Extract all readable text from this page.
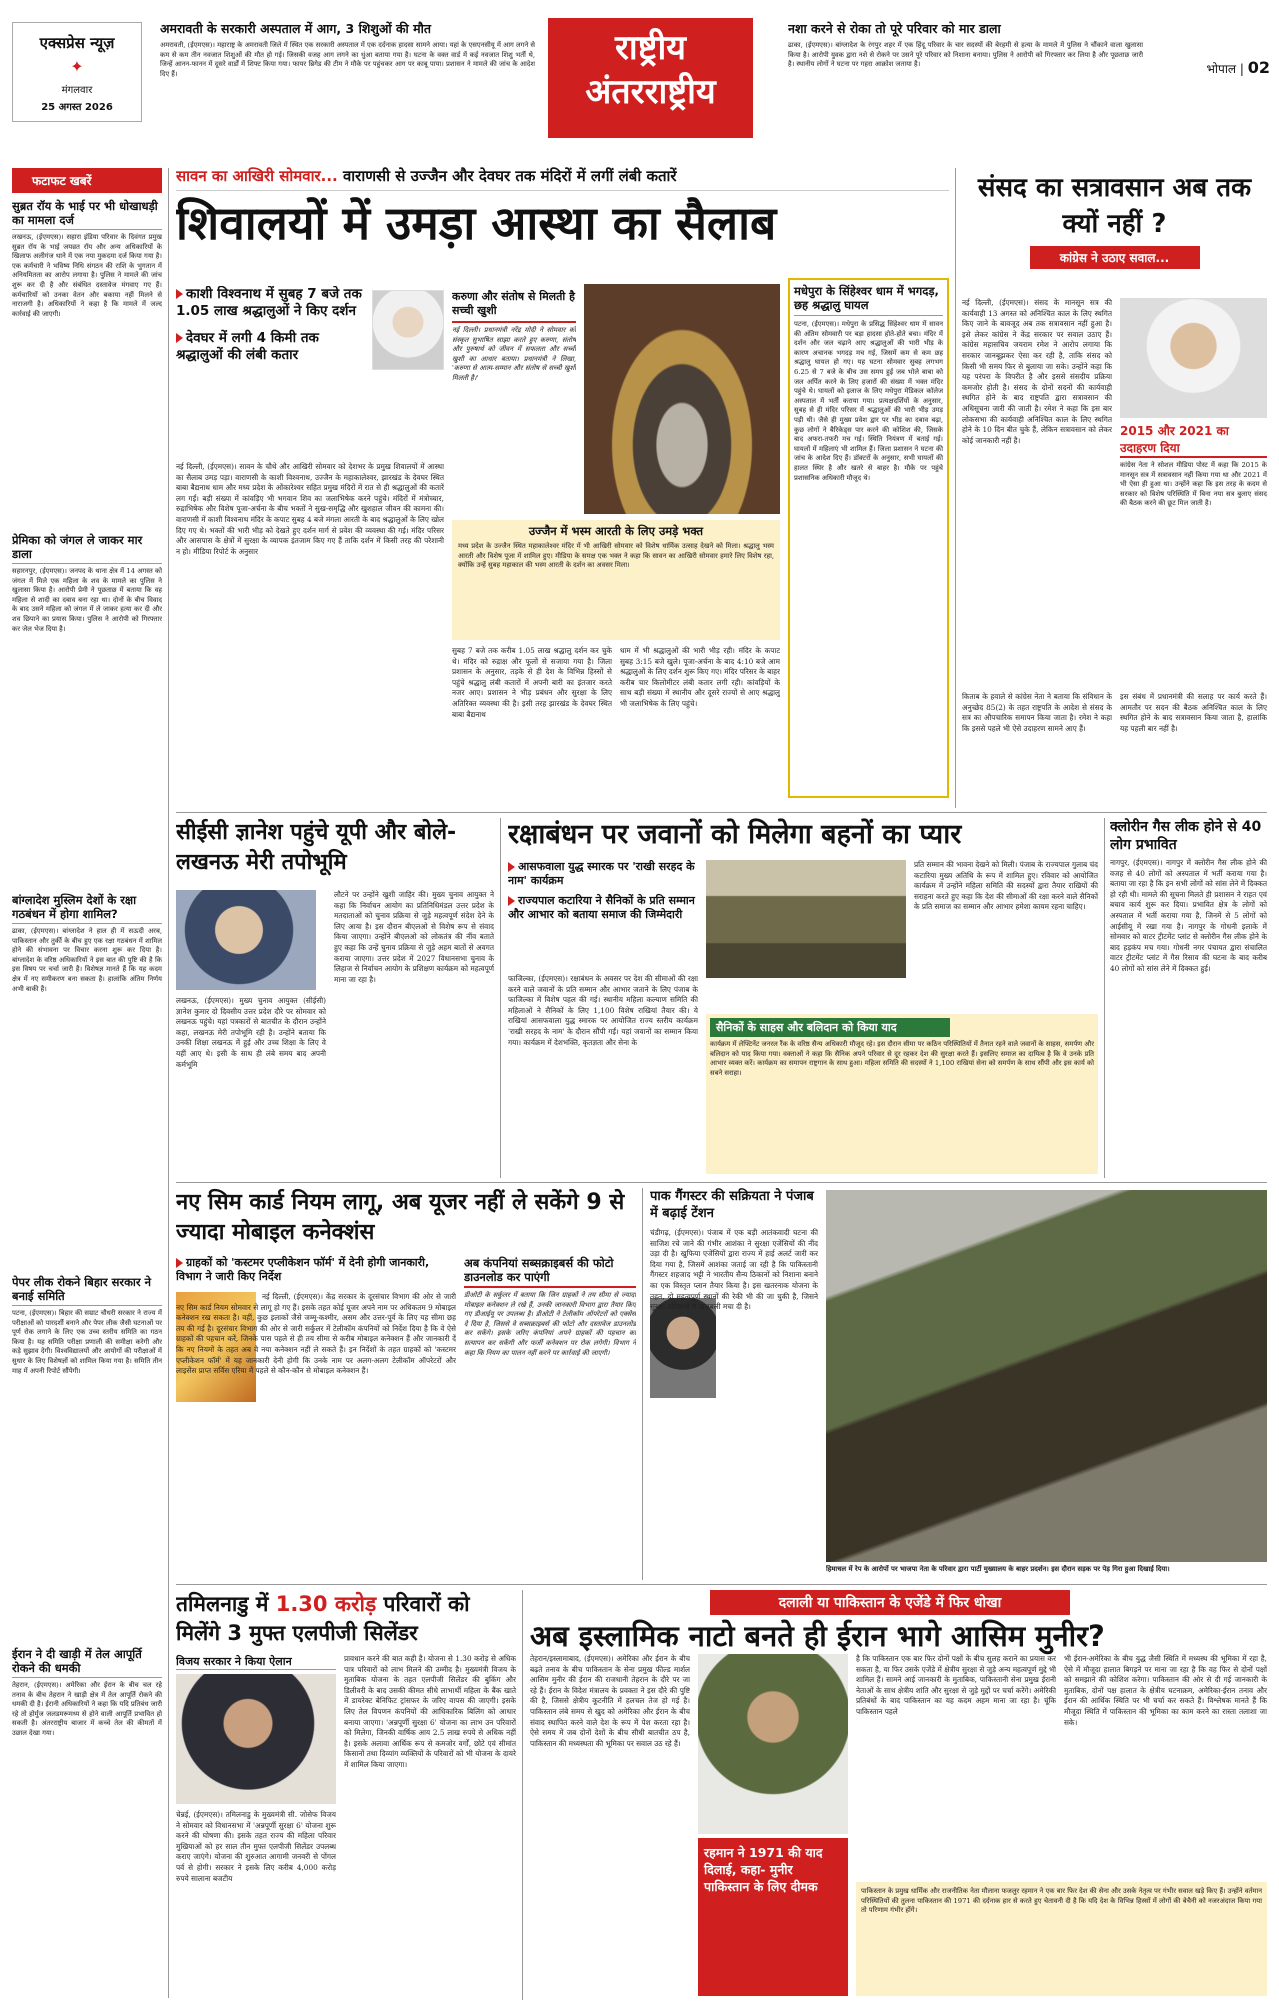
एक्सप्रेस न्यूज़
✦
मंगलवार
25 अगस्त 2026
अमरावती के सरकारी अस्पताल में आग, 3 शिशुओं की मौत
अमरावती, (ईएमएस)। महाराष्ट्र के अमरावती जिले में स्थित एक सरकारी अस्पताल में एक दर्दनाक हादसा सामने आया। यहां के एसएनसीयू में आग लगने से कम से कम तीन नवजात शिशुओं की मौत हो गई। जिसकी वजह आग लगने का धुंआ बताया गया है। घटना के वक्त वार्ड में कई नवजात शिशु भर्ती थे, जिन्हें आनन-फानन में दूसरे वार्डों में शिफ्ट किया गया। फायर ब्रिगेड की टीम ने मौके पर पहुंचकर आग पर काबू पाया। प्रशासन ने मामले की जांच के आदेश दिए हैं।
राष्ट्रीय
अंतरराष्ट्रीय
नशा करने से रोका तो पूरे परिवार को मार डाला
ढाका, (ईएमएस)। बांग्लादेश के रंगपुर शहर में एक हिंदू परिवार के चार सदस्यों की बेरहमी से हत्या के मामले में पुलिस ने चौंकाने वाला खुलासा किया है। आरोपी युवक द्वारा नशे से रोकने पर उसने पूरे परिवार को निशाना बनाया। पुलिस ने आरोपी को गिरफ्तार कर लिया है और पूछताछ जारी है। स्थानीय लोगों ने घटना पर गहरा आक्रोश जताया है।	भोपाल | 02
फटाफट खबरें
सुब्रत रॉय के भाई पर भी धोखाधड़ी का मामला दर्ज
लखनऊ, (ईएमएस)। सहारा इंडिया परिवार के दिवंगत प्रमुख सुब्रत रॉय के भाई जयव्रत रॉय और अन्य अधिकारियों के खिलाफ अलीगंज थाने में एक नया मुकदमा दर्ज किया गया है। एक कर्मचारी ने भविष्य निधि संगठन की राशि के भुगतान में अनियमितता का आरोप लगाया है। पुलिस ने मामले की जांच शुरू कर दी है और संबंधित दस्तावेज मंगवाए गए हैं। कर्मचारियों को उनका वेतन और बकाया नहीं मिलने से नाराजगी है। अधिकारियों ने कहा है कि मामले में जल्द कार्रवाई की जाएगी।
प्रेमिका को जंगल ले जाकर मार डाला
सहारनपुर, (ईएमएस)। जनपद के थाना क्षेत्र में 14 अगस्त को जंगल में मिले एक महिला के शव के मामले का पुलिस ने खुलासा किया है। आरोपी प्रेमी ने पूछताछ में बताया कि वह महिला से शादी का दबाव बना रहा था। दोनों के बीच विवाद के बाद उसने महिला को जंगल में ले जाकर हत्या कर दी और शव छिपाने का प्रयास किया। पुलिस ने आरोपी को गिरफ्तार कर जेल भेज दिया है।
बांग्लादेश मुस्लिम देशों के रक्षा गठबंधन में होगा शामिल?
ढाका, (ईएमएस)। बांग्लादेश ने हाल ही में सऊदी अरब, पाकिस्तान और तुर्की के बीच हुए एक रक्षा गठबंधन में शामिल होने की संभावना पर विचार करना शुरू कर दिया है। बांग्लादेश के वरिष्ठ अधिकारियों ने इस बात की पुष्टि की है कि इस विषय पर चर्चा जारी है। विशेषज्ञ मानते हैं कि यह कदम क्षेत्र में नए समीकरण बना सकता है। हालांकि अंतिम निर्णय अभी बाकी है।
पेपर लीक रोकने बिहार सरकार ने बनाई समिति
पटना, (ईएमएस)। बिहार की सम्राट चौधरी सरकार ने राज्य में परीक्षाओं को पारदर्शी बनाने और पेपर लीक जैसी घटनाओं पर पूर्ण रोक लगाने के लिए एक उच्च स्तरीय समिति का गठन किया है। यह समिति परीक्षा प्रणाली की समीक्षा करेगी और कड़े सुझाव देगी। विश्वविद्यालयों और आयोगों की परीक्षाओं में सुधार के लिए विशेषज्ञों को शामिल किया गया है। समिति तीन माह में अपनी रिपोर्ट सौंपेगी।
ईरान ने दी खाड़ी में तेल आपूर्ति रोकने की धमकी
तेहरान, (ईएमएस)। अमेरिका और ईरान के बीच चल रहे तनाव के बीच तेहरान ने खाड़ी क्षेत्र में तेल आपूर्ति रोकने की धमकी दी है। ईरानी अधिकारियों ने कहा कि यदि प्रतिबंध जारी रहे तो होर्मुज जलडमरूमध्य से होने वाली आपूर्ति प्रभावित हो सकती है। अंतरराष्ट्रीय बाजार में कच्चे तेल की कीमतों में उछाल देखा गया।
सावन का आखिरी सोमवार... वाराणसी से उज्जैन और देवघर तक मंदिरों में लगीं लंबी कतारें
शिवालयों में उमड़ा आस्था का सैलाब
काशी विश्वनाथ में सुबह 7 बजे तक 1.05 लाख श्रद्धालुओं ने किए दर्शन
देवघर में लगी 4 किमी तक श्रद्धालुओं की लंबी कतार
करुणा और संतोष से मिलती है सच्ची खुशी
नई दिल्ली। प्रधानमंत्री नरेंद्र मोदी ने सोमवार को संस्कृत सुभाषित साझा करते हुए करुणा, संतोष और पुरुषार्थ को जीवन में सफलता और सच्ची खुशी का आधार बताया। प्रधानमंत्री ने लिखा, 'करुणा से आत्म-सम्मान और संतोष से सच्ची खुशी मिलती है।'
नई दिल्ली, (ईएमएस)। सावन के चौथे और आखिरी सोमवार को देशभर के प्रमुख शिवालयों में आस्था का सैलाब उमड़ पड़ा। वाराणसी के काशी विश्वनाथ, उज्जैन के महाकालेश्वर, झारखंड के देवघर स्थित बाबा बैद्यनाथ धाम और मध्य प्रदेश के ओंकारेश्वर सहित प्रमुख मंदिरों में रात से ही श्रद्धालुओं की कतारें लग गईं। बड़ी संख्या में कांवड़िए भी भगवान शिव का जलाभिषेक करने पहुंचे। मंदिरों में मंत्रोच्चार, रुद्राभिषेक और विशेष पूजा-अर्चना के बीच भक्तों ने सुख-समृद्धि और खुशहाल जीवन की कामना की। वाराणसी में काशी विश्वनाथ मंदिर के कपाट सुबह 4 बजे मंगला आरती के बाद श्रद्धालुओं के लिए खोल दिए गए थे। भक्तों की भारी भीड़ को देखते हुए दर्शन मार्ग से प्रवेश की व्यवस्था की गई। मंदिर परिसर और आसपास के क्षेत्रों में सुरक्षा के व्यापक इंतजाम किए गए हैं ताकि दर्शन में किसी तरह की परेशानी न हो। मीडिया रिपोर्ट के अनुसार
उज्जैन में भस्म आरती के लिए उमड़े भक्त
मध्य प्रदेश के उज्जैन स्थित महाकालेश्वर मंदिर में भी आखिरी सोमवार को विशेष धार्मिक उत्साह देखने को मिला। श्रद्धालु भस्म आरती और विशेष पूजा में शामिल हुए। मीडिया के समक्ष एक भक्त ने कहा कि सावन का आखिरी सोमवार हमारे लिए विशेष रहा, क्योंकि उन्हें सुबह महाकाल की भस्म आरती के दर्शन का अवसर मिला।
सुबह 7 बजे तक करीब 1.05 लाख श्रद्धालु दर्शन कर चुके थे। मंदिर को रुद्राक्ष और फूलों से सजाया गया है। जिला प्रशासन के अनुसार, तड़के से ही देश के विभिन्न हिस्सों से पहुंचे श्रद्धालु लंबी कतारों में अपनी बारी का इंतजार करते नजर आए। प्रशासन ने भीड़ प्रबंधन और सुरक्षा के लिए अतिरिक्त व्यवस्था की है। इसी तरह झारखंड के देवघर स्थित बाबा बैद्यनाथ
धाम में भी श्रद्धालुओं की भारी भीड़ रही। मंदिर के कपाट सुबह 3:15 बजे खुले। पूजा-अर्चना के बाद 4:10 बजे आम श्रद्धालुओं के लिए दर्शन शुरू किए गए। मंदिर परिसर के बाहर करीब चार किलोमीटर लंबी कतार लगी रही। कांवड़ियों के साथ बड़ी संख्या में स्थानीय और दूसरे राज्यों से आए श्रद्धालु भी जलाभिषेक के लिए पहुंचे।
मधेपुरा के सिंहेश्वर धाम में भगदड़, छह श्रद्धालु घायल
पटना, (ईएमएस)। मधेपुरा के प्रसिद्ध सिंहेश्वर धाम में सावन की अंतिम सोमवारी पर बड़ा हादसा होते-होते बचा। मंदिर में दर्शन और जल चढ़ाने आए श्रद्धालुओं की भारी भीड़ के कारण अचानक भगदड़ मच गई, जिसमें कम से कम छह श्रद्धालु घायल हो गए। यह घटना सोमवार सुबह लगभग 6.25 से 7 बजे के बीच उस समय हुई जब भोले बाबा को जल अर्पित करने के लिए हजारों की संख्या में भक्त मंदिर पहुंचे थे। घायलों को इलाज के लिए मधेपुरा मेडिकल कॉलेज अस्पताल में भर्ती कराया गया। प्रत्यक्षदर्शियों के अनुसार, सुबह से ही मंदिर परिसर में श्रद्धालुओं की भारी भीड़ उमड़ पड़ी थी। जैसे ही मुख्य प्रवेश द्वार पर भीड़ का दबाव बढ़ा, कुछ लोगों ने बैरिकेड्स पार करने की कोशिश की, जिसके बाद अफरा-तफरी मच गई। स्थिति नियंत्रण में बताई गई। घायलों में महिलाएं भी शामिल हैं। जिला प्रशासन ने घटना की जांच के आदेश दिए हैं। डॉक्टरों के अनुसार, सभी घायलों की हालत स्थिर है और खतरे से बाहर है। मौके पर पहुंचे प्रशासनिक अधिकारी मौजूद थे।
संसद का सत्रावसान अब तक क्यों नहीं ?
कांग्रेस ने उठाए सवाल...
नई दिल्ली, (ईएमएस)। संसद के मानसून सत्र की कार्यवाही 13 अगस्त को अनिश्चित काल के लिए स्थगित किए जाने के बावजूद अब तक सत्रावसान नहीं हुआ है। इसे लेकर कांग्रेस ने केंद्र सरकार पर सवाल उठाए हैं। कांग्रेस महासचिव जयराम रमेश ने आरोप लगाया कि सरकार जानबूझकर ऐसा कर रही है, ताकि संसद को किसी भी समय फिर से बुलाया जा सके। उन्होंने कहा कि यह परंपरा के विपरीत है और इससे संसदीय प्रक्रिया कमजोर होती है। संसद के दोनों सदनों की कार्यवाही स्थगित होने के बाद राष्ट्रपति द्वारा सत्रावसान की अधिसूचना जारी की जाती है। रमेश ने कहा कि इस बार लोकसभा की कार्यवाही अनिश्चित काल के लिए स्थगित होने के 10 दिन बीत चुके हैं, लेकिन सत्रावसान को लेकर कोई जानकारी नहीं है।
2015 और 2021 का उदाहरण दिया
कांग्रेस नेता ने सोशल मीडिया पोस्ट में कहा कि 2015 के मानसून सत्र में सत्रावसान नहीं किया गया था और 2021 में भी ऐसा ही हुआ था। उन्होंने कहा कि इस तरह के कदम से सरकार को विशेष परिस्थिति में बिना नया सत्र बुलाए संसद की बैठक करने की छूट मिल जाती है।
किताब के हवाले से कांग्रेस नेता ने बताया कि संविधान के अनुच्छेद 85(2) के तहत राष्ट्रपति के आदेश से संसद के सत्र का औपचारिक समापन किया जाता है। रमेश ने कहा कि इससे पहले भी ऐसे उदाहरण सामने आए हैं।
इस संबंध में प्रधानमंत्री की सलाह पर कार्य करते हैं। आमतौर पर सदन की बैठक अनिश्चित काल के लिए स्थगित होने के बाद सत्रावसान किया जाता है, हालांकि यह पहली बार नहीं है।
सीईसी ज्ञानेश पहुंचे यूपी और बोले- लखनऊ मेरी तपोभूमि
लखनऊ, (ईएमएस)। मुख्य चुनाव आयुक्त (सीईसी) ज्ञानेश कुमार दो दिवसीय उत्तर प्रदेश दौरे पर सोमवार को लखनऊ पहुंचे। यहां पत्रकारों से बातचीत के दौरान उन्होंने कहा, लखनऊ मेरी तपोभूमि रही है। उन्होंने बताया कि उनकी शिक्षा लखनऊ में हुई और उच्च शिक्षा के लिए वे यहीं आए थे। इसी के साथ ही लंबे समय बाद अपनी कर्मभूमि
लौटने पर उन्होंने खुशी जाहिर की। मुख्य चुनाव आयुक्त ने कहा कि निर्वाचन आयोग का प्रतिनिधिमंडल उत्तर प्रदेश के मतदाताओं को चुनाव प्रक्रिया से जुड़े महत्वपूर्ण संदेश देने के लिए आया है। इस दौरान बीएलओ से विशेष रूप से संवाद किया जाएगा। उन्होंने बीएलओ को लोकतंत्र की नींव बताते हुए कहा कि उन्हें चुनाव प्रक्रिया से जुड़े अहम बातों से अवगत कराया जाएगा। उत्तर प्रदेश में 2027 विधानसभा चुनाव के लिहाज से निर्वाचन आयोग के प्रशिक्षण कार्यक्रम को महत्वपूर्ण माना जा रहा है।
रक्षाबंधन पर जवानों को मिलेगा बहनों का प्यार
आसफवाला युद्ध स्मारक पर 'राखी सरहद के नाम' कार्यक्रम
राज्यपाल कटारिया ने सैनिकों के प्रति सम्मान और आभार को बताया समाज की जिम्मेदारी
फाजिल्का, (ईएमएस)। रक्षाबंधन के अवसर पर देश की सीमाओं की रक्षा करने वाले जवानों के प्रति सम्मान और आभार जताने के लिए पंजाब के फाजिल्का में विशेष पहल की गई। स्थानीय महिला कल्याण समिति की महिलाओं ने सैनिकों के लिए 1,100 विशेष राखियां तैयार की। ये राखियां आसफवाला युद्ध स्मारक पर आयोजित राज्य स्तरीय कार्यक्रम 'राखी सरहद के नाम' के दौरान सौंपी गईं। यहां जवानों का सम्मान किया गया। कार्यक्रम में देशभक्ति, कृतज्ञता और सेना के
प्रति सम्मान की भावना देखने को मिली। पंजाब के राज्यपाल गुलाब चंद कटारिया मुख्य अतिथि के रूप में शामिल हुए। रविवार को आयोजित कार्यक्रम में उन्होंने महिला समिति की सदस्यों द्वारा तैयार राखियों की सराहना करते हुए कहा कि देश की सीमाओं की रक्षा करने वाले सैनिकों के प्रति समाज का सम्मान और आभार हमेशा कायम रहना चाहिए।
सैनिकों के साहस और बलिदान को किया याद
कार्यक्रम में लेफ्टिनेंट जनरल रैंक के वरिष्ठ सैन्य अधिकारी मौजूद रहे। इस दौरान सीमा पर कठिन परिस्थितियों में तैनात रहने वाले जवानों के साहस, समर्पण और बलिदान को याद किया गया। वक्ताओं ने कहा कि सैनिक अपने परिवार से दूर रहकर देश की सुरक्षा करते हैं। इसलिए समाज का दायित्व है कि वे उनके प्रति आभार व्यक्त करें। कार्यक्रम का समापन राष्ट्रगान के साथ हुआ। महिला समिति की सदस्यों ने 1,100 राखियां सेना को समर्पण के साथ सौंपी और इस कार्य को सबने सराहा।
क्लोरीन गैस लीक होने से 40 लोग प्रभावित
नागपुर, (ईएमएस)। नागपुर में क्लोरीन गैस लीक होने की वजह से 40 लोगों को अस्पताल में भर्ती कराया गया है। बताया जा रहा है कि इन सभी लोगों को सांस लेने में दिक्कत हो रही थी। मामले की सूचना मिलते ही प्रशासन ने राहत एवं बचाव कार्य शुरू कर दिया। प्रभावित क्षेत्र के लोगों को अस्पताल में भर्ती कराया गया है, जिनमें से 5 लोगों को आईसीयू में रखा गया है। नागपुर के गोधनी इलाके में सोमवार को वाटर ट्रीटमेंट प्लांट से क्लोरीन गैस लीक होने के बाद हड़कंप मच गया। गोधनी नगर पंचायत द्वारा संचालित वाटर ट्रीटमेंट प्लांट में गैस रिसाव की घटना के बाद करीब 40 लोगों को सांस लेने में दिक्कत हुई।
नए सिम कार्ड नियम लागू, अब यूजर नहीं ले सकेंगे 9 से ज्यादा मोबाइल कनेक्शंस
ग्राहकों को 'कस्टमर एप्लीकेशन फॉर्म' में देनी होगी जानकारी, विभाग ने जारी किए निर्देश
नई दिल्ली, (ईएमएस)। केंद्र सरकार के दूरसंचार विभाग की ओर से जारी नए सिम कार्ड नियम सोमवार से लागू हो गए हैं। इसके तहत कोई यूजर अपने नाम पर अधिकतम 9 मोबाइल कनेक्शन रख सकता है। वहीं, कुछ इलाकों जैसे जम्मू-कश्मीर, असम और उत्तर-पूर्व के लिए यह सीमा छह तय की गई है। दूरसंचार विभाग की ओर से जारी सर्कुलर में टेलीकॉम कंपनियों को निर्देश दिया है कि वे ऐसे ग्राहकों की पहचान करें, जिनके पास पहले से ही तय सीमा से करीब मोबाइल कनेक्शन हैं और जानकारी दें कि नए नियमों के तहत अब वे नया कनेक्शन नहीं ले सकते हैं। इन निर्देशों के तहत ग्राहकों को 'कस्टमर एप्लीकेशन फॉर्म' में यह जानकारी देनी होगी कि उनके नाम पर अलग-अलग टेलीकॉम ऑपरेटरों और लाइसेंस प्राप्त सर्विस एरिया में पहले से कौन-कौन से मोबाइल कनेक्शन हैं।
अब कंपनियां सब्सक्राइबर्स की फोटो डाउनलोड कर पाएंगी
डीओटी के सर्कुलर में बताया कि जिन ग्राहकों ने तय सीमा से ज्यादा मोबाइल कनेक्शन ले रखे हैं, उनकी जानकारी विभाग द्वारा तैयार किए गए डीआईयू पर उपलब्ध है। डीओटी ने टेलीकॉम ऑपरेटरों को एक्सेस दे दिया है, जिससे वे सब्सक्राइबर्स की फोटो और दस्तावेज डाउनलोड कर सकेंगे। इसके जरिए कंपनियां अपने ग्राहकों की पहचान का सत्यापन कर सकेंगी और फर्जी कनेक्शन पर रोक लगेगी। विभाग ने कहा कि नियम का पालन नहीं करने पर कार्रवाई की जाएगी।
पाक गैंगस्टर की सक्रियता ने पंजाब में बढ़ाई टेंशन
चंडीगढ़, (ईएमएस)। पंजाब में एक बड़ी आतंकवादी घटना की साजिश रचे जाने की गंभीर आशंका ने सुरक्षा एजेंसियों की नींद उड़ा दी है। खुफिया एजेंसियों द्वारा राज्य में हाई अलर्ट जारी कर दिया गया है, जिसमें आशंका जताई जा रही है कि पाकिस्तानी गैंगस्टर शहजाद भट्टी ने भारतीय सैन्य ठिकानों को निशाना बनाने का एक विस्तृत प्लान तैयार किया है। इस खतरनाक योजना के तहत, दो महत्वपूर्ण स्थानों की रेकी भी की जा चुकी है, जिसने सुरक्षा प्रतिष्ठानों में खलबली मचा दी है।
हिमाचल में रेप के आरोपों पर भाजपा नेता के परिवार द्वारा पार्टी मुख्यालय के बाहर प्रदर्शन। इस दौरान सड़क पर पेड़ गिरा हुआ दिखाई दिया।
तमिलनाडु में 1.30 करोड़ परिवारों को मिलेंगे 3 मुफ्त एलपीजी सिलेंडर
विजय सरकार ने किया ऐलान
चेन्नई, (ईएमएस)। तमिलनाडु के मुख्यमंत्री सी. जोसेफ विजय ने सोमवार को विधानसभा में 'अन्नपूर्णी सुरक्षा 6' योजना शुरू करने की घोषणा की। इसके तहत राज्य की महिला परिवार मुखियाओं को हर साल तीन मुफ्त एलपीजी सिलेंडर उपलब्ध कराए जाएंगे। योजना की शुरुआत आगामी जनवरी से पोंगल पर्व से होगी। सरकार ने इसके लिए करीब 4,000 करोड़ रुपये सालाना बजटीय
प्रावधान करने की बात कही है। योजना से 1.30 करोड़ से अधिक पात्र परिवारों को लाभ मिलने की उम्मीद है। मुख्यमंत्री विजय के मुताबिक योजना के तहत एलपीजी सिलेंडर की बुकिंग और डिलीवरी के बाद उसकी कीमत सीधे लाभार्थी महिला के बैंक खाते में डायरेक्ट बेनिफिट ट्रांसफर के जरिए वापस की जाएगी। इसके लिए तेल विपणन कंपनियों की आधिकारिक बिलिंग को आधार बनाया जाएगा। 'अन्नपूर्णी सुरक्षा 6' योजना का लाभ उन परिवारों को मिलेगा, जिनकी वार्षिक आय 2.5 लाख रुपये से अधिक नहीं है। इसके अलावा आर्थिक रूप से कमजोर वर्गों, छोटे एवं सीमांत किसानों तथा दिव्यांग व्यक्तियों के परिवारों को भी योजना के दायरे में शामिल किया जाएगा।
दलाली या पाकिस्तान के एजेंडे में फिर धोखा
अब इस्लामिक नाटो बनते ही ईरान भागे आसिम मुनीर?
तेहरान/इस्लामाबाद, (ईएमएस)। अमेरिका और ईरान के बीच बढ़ते तनाव के बीच पाकिस्तान के सेना प्रमुख फील्ड मार्शल आसिम मुनीर की ईरान की राजधानी तेहरान के दौरे पर जा रहे हैं। ईरान के विदेश मंत्रालय के प्रवक्ता ने इस दौरे की पुष्टि की है, जिससे क्षेत्रीय कूटनीति में हलचल तेज हो गई है। पाकिस्तान लंबे समय से खुद को अमेरिका और ईरान के बीच संवाद स्थापित करने वाले देश के रूप में पेश करता रहा है। ऐसे समय में जब दोनों देशों के बीच सीधी बातचीत ठप है, पाकिस्तान की मध्यस्थता की भूमिका पर सवाल उठ रहे हैं।
है कि पाकिस्तान एक बार फिर दोनों पक्षों के बीच सुलह कराने का प्रयास कर सकता है, या फिर उसके एजेंडे में क्षेत्रीय सुरक्षा से जुड़े अन्य महत्वपूर्ण मुद्दे भी शामिल हैं। सामने आई जानकारी के मुताबिक, पाकिस्तानी सेना प्रमुख ईरानी नेताओं के साथ क्षेत्रीय शांति और सुरक्षा से जुड़े मुद्दों पर चर्चा करेंगे। अमेरिकी प्रतिबंधों के बाद पाकिस्तान का यह कदम अहम माना जा रहा है। चूंकि पाकिस्तान पहले
भी ईरान-अमेरिका के बीच युद्ध जैसी स्थिति में मध्यस्थ की भूमिका में रहा है, ऐसे में मौजूदा हालात बिगड़ने पर माना जा रहा है कि वह फिर से दोनों पक्षों को समझाने की कोशिश करेगा। पाकिस्तान की ओर से दी गई जानकारी के मुताबिक, दोनों पक्ष हालात के क्षेत्रीय घटनाक्रम, अमेरिका-ईरान तनाव और ईरान की आर्थिक स्थिति पर भी चर्चा कर सकते हैं। विश्लेषक मानते हैं कि मौजूदा स्थिति में पाकिस्तान की भूमिका का काम करने का रास्ता तलाशा जा सके।
रहमान ने 1971 की याद दिलाई, कहा- मुनीर पाकिस्तान के लिए दीमक	पाकिस्तान के प्रमुख धार्मिक और राजनीतिक नेता मौलाना फजलुर रहमान ने एक बार फिर देश की सेना और उसके नेतृत्व पर गंभीर सवाल खड़े किए हैं। उन्होंने वर्तमान परिस्थितियों की तुलना पाकिस्तान की 1971 की दर्दनाक हार से करते हुए चेतावनी दी है कि यदि देश के विभिन्न हिस्सों में लोगों की बेचैनी को नजरअंदाज किया गया तो परिणाम गंभीर होंगे।
